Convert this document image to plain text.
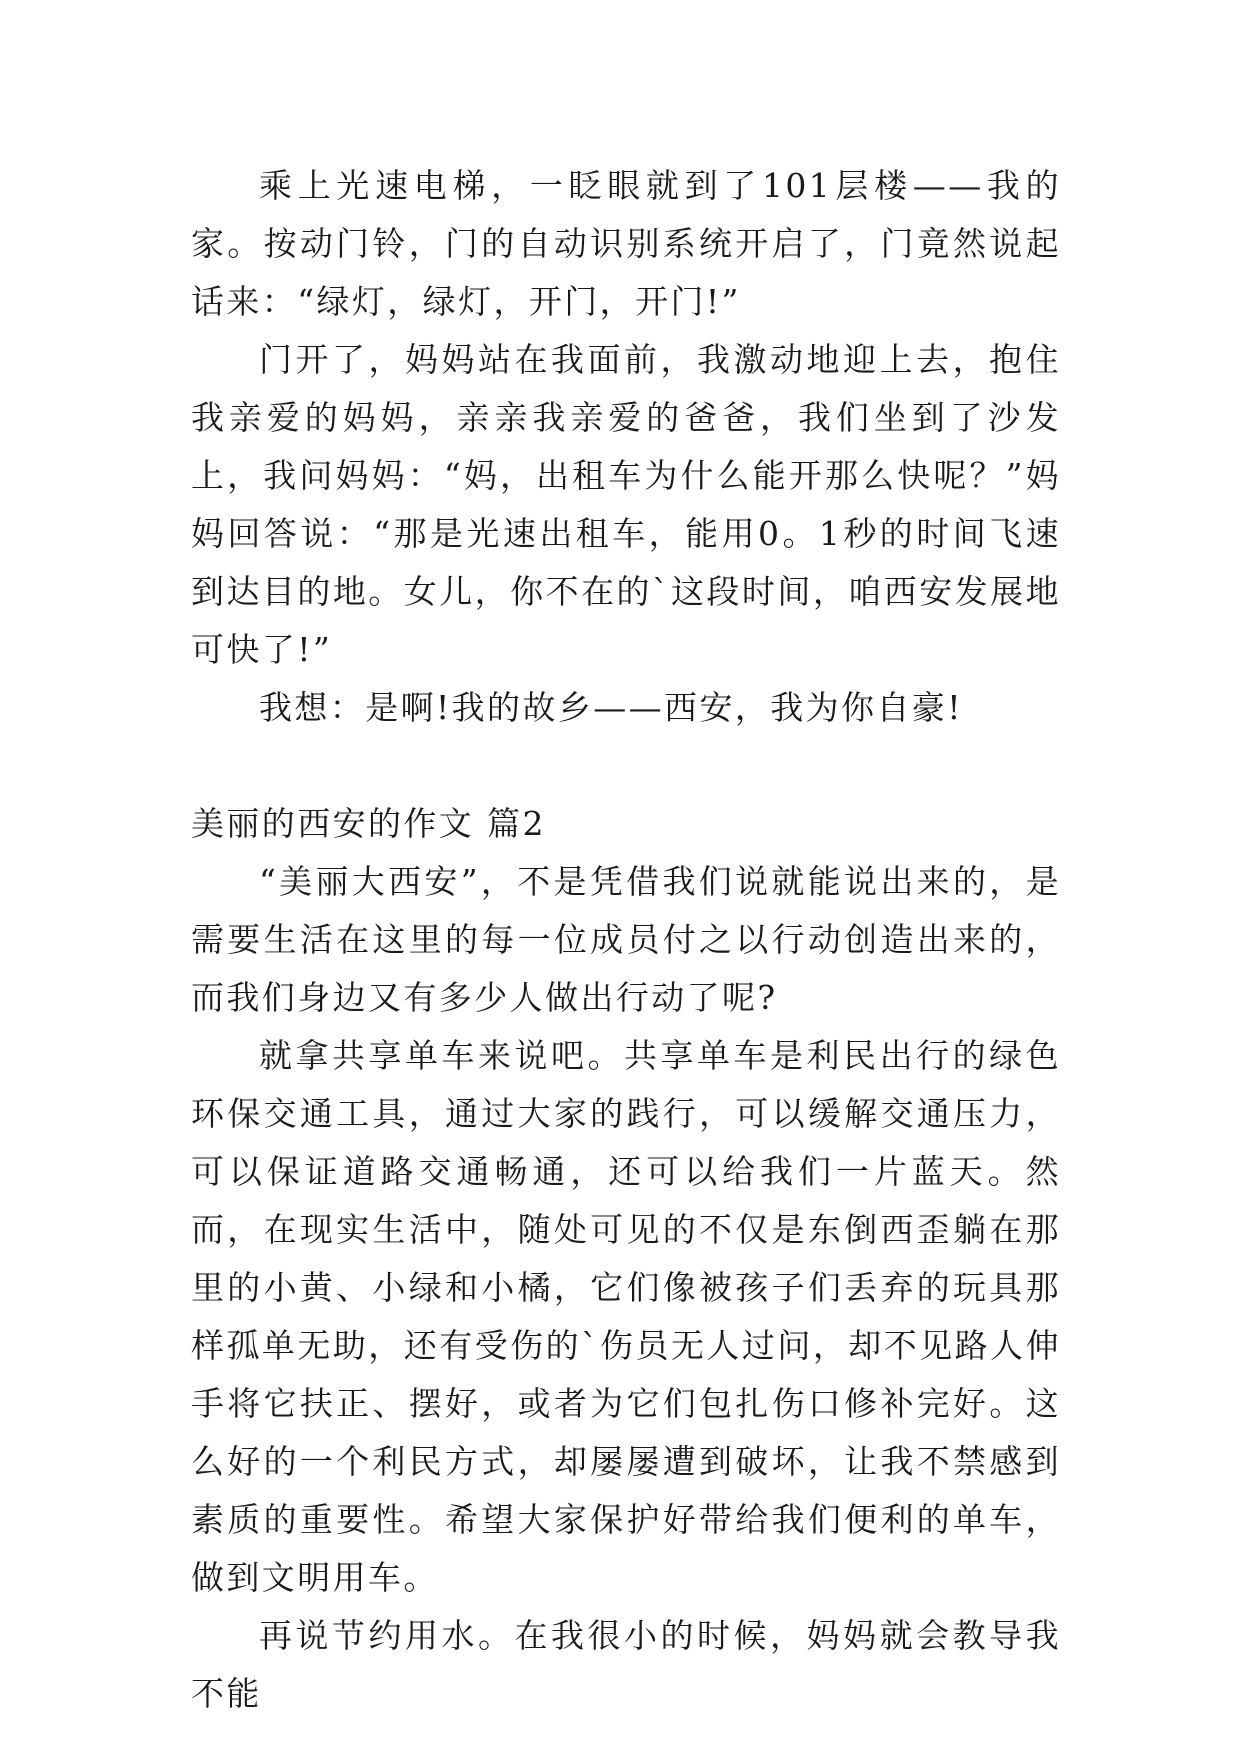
乘上光速电梯，一眨眼就到了101层楼——我的家。按动门铃，门的自动识别系统开启了，门竟然说起话来：“绿灯，绿灯，开门，开门!”

门开了，妈妈站在我面前，我激动地迎上去，抱住我亲爱的妈妈，亲亲我亲爱的爸爸，我们坐到了沙发上，我问妈妈：“妈，出租车为什么能开那么快呢？”妈妈回答说：“那是光速出租车，能用0。1秒的时间飞速到达目的地。女儿，你不在的`这段时间，咱西安发展地可快了!”

我想：是啊!我的故乡——西安，我为你自豪!

美丽的西安的作文 篇2

“美丽大西安”，不是凭借我们说就能说出来的，是需要生活在这里的每一位成员付之以行动创造出来的，而我们身边又有多少人做出行动了呢?

就拿共享单车来说吧。共享单车是利民出行的绿色环保交通工具，通过大家的践行，可以缓解交通压力，可以保证道路交通畅通，还可以给我们一片蓝天。然而，在现实生活中，随处可见的不仅是东倒西歪躺在那里的小黄、小绿和小橘，它们像被孩子们丢弃的玩具那样孤单无助，还有受伤的`伤员无人过问，却不见路人伸手将它扶正、摆好，或者为它们包扎伤口修补完好。这么好的一个利民方式，却屡屡遭到破坏，让我不禁感到素质的重要性。希望大家保护好带给我们便利的单车，做到文明用车。

再说节约用水。在我很小的时候，妈妈就会教导我不能
